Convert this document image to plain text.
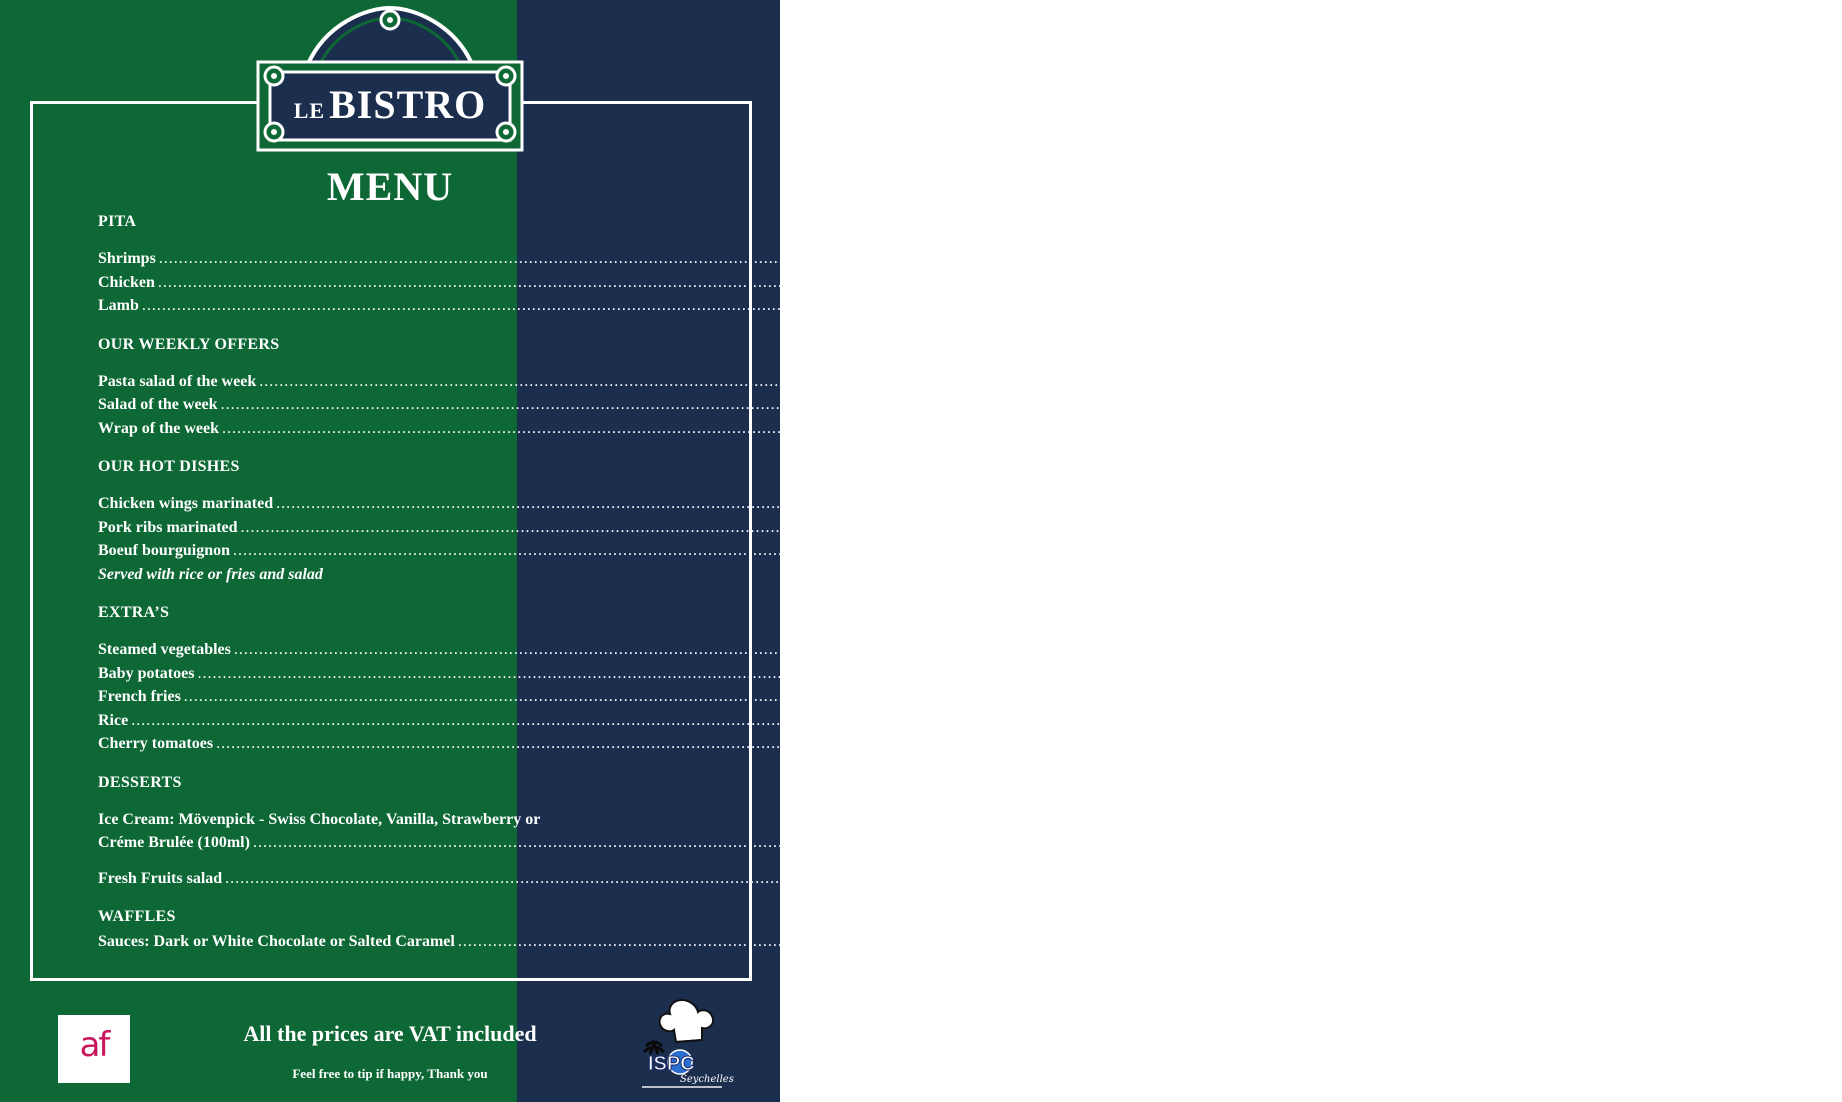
LE BISTRO
MENU
PITA
Shrimps .....	170scr
Chicken .....	135scr
Lamb .....	190scr
OUR WEEKLY OFFERS
Pasta salad of the week .....	80scr
Salad of the week .....	60scr
Wrap of the week .....	80scr
OUR HOT DISHES
Chicken wings marinated .....	120scr
Pork ribs marinated .....	175scr
Boeuf bourguignon .....	190scr
Served with rice or fries and salad
EXTRA’S
Steamed vegetables .....	50scr
Baby potatoes .....	50scr
French fries .....	25scr
Rice .....	15scr
Cherry tomatoes .....	35scr
DESSERTS
Ice Cream: Mövenpick - Swiss Chocolate, Vanilla, Strawberry or
Créme Brulée (100ml) .....	56scr
Fresh Fruits salad .....	35scr
WAFFLES
Sauces: Dark or White Chocolate or Salted Caramel .....	30scr
af	All the prices are VAT included
Feel free to tip if happy, Thank you	ISPC
Seychelles
